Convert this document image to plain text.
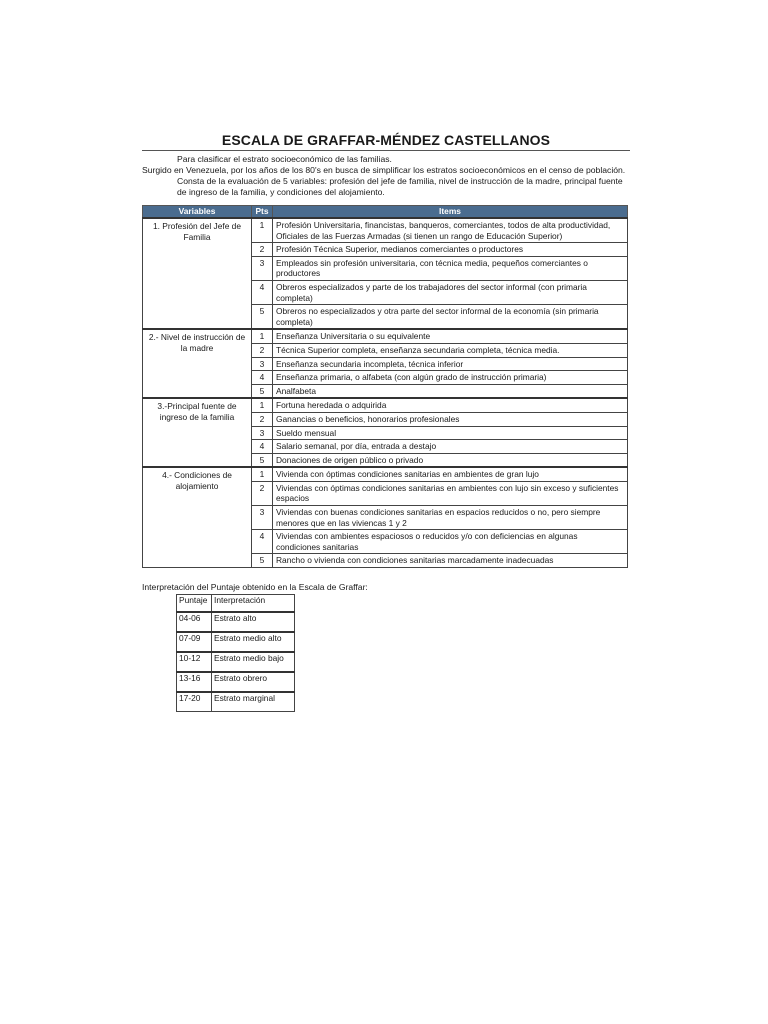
ESCALA DE GRAFFAR-MÉNDEZ CASTELLANOS

Para clasificar el estrato socioeconómico de las familias.

Surgido en Venezuela, por los años de los 80's en busca de simplificar los estratos socioeconómicos en el censo de población.

Consta de la evaluación de 5 variables: profesión del jefe de familia, nivel de instrucción de la madre, principal fuente de ingreso de la familia, y condiciones del alojamiento.

Variables	Pts	Items
1. Profesión del Jefe de Familia	1	Profesión Universitaria, financistas, banqueros, comerciantes, todos de alta productividad, Oficiales de las Fuerzas Armadas (si tienen un rango de Educación Superior)
	2	Profesión Técnica Superior, medianos comerciantes o productores
	3	Empleados sin profesión universitaria, con técnica media, pequeños comerciantes o productores
	4	Obreros especializados y parte de los trabajadores del sector informal (con primaria completa)
	5	Obreros no especializados y otra parte del sector informal de la economía (sin primaria completa)
2.- Nivel de instrucción de la madre	1	Enseñanza Universitaria o su equivalente
	2	Técnica Superior completa, enseñanza secundaria completa, técnica media.
	3	Enseñanza secundaria incompleta, técnica inferior
	4	Enseñanza primaria, o alfabeta (con algún grado de instrucción primaria)
	5	Analfabeta
3.-Principal fuente de ingreso de la familia	1	Fortuna heredada o adquirida
	2	Ganancias o beneficios, honorarios profesionales
	3	Sueldo mensual
	4	Salario semanal, por día, entrada a destajo
	5	Donaciones de origen público o privado
4.- Condiciones de alojamiento	1	Vivienda con óptimas condiciones sanitarias en ambientes de gran lujo
	2	Viviendas con óptimas condiciones sanitarias en ambientes con lujo sin exceso y suficientes espacios
	3	Viviendas con buenas condiciones sanitarias en espacios reducidos o no, pero siempre menores que en las viviencas 1 y 2
	4	Viviendas con ambientes espaciosos o reducidos y/o con deficiencias en algunas condiciones sanitarias
	5	Rancho o vivienda con condiciones sanitarias marcadamente inadecuadas
Interpretación del Puntaje obtenido en la Escala de Graffar:
Puntaje	Interpretación
04-06	Estrato alto
07-09	Estrato medio alto
10-12	Estrato medio bajo
13-16	Estrato obrero
17-20	Estrato marginal
